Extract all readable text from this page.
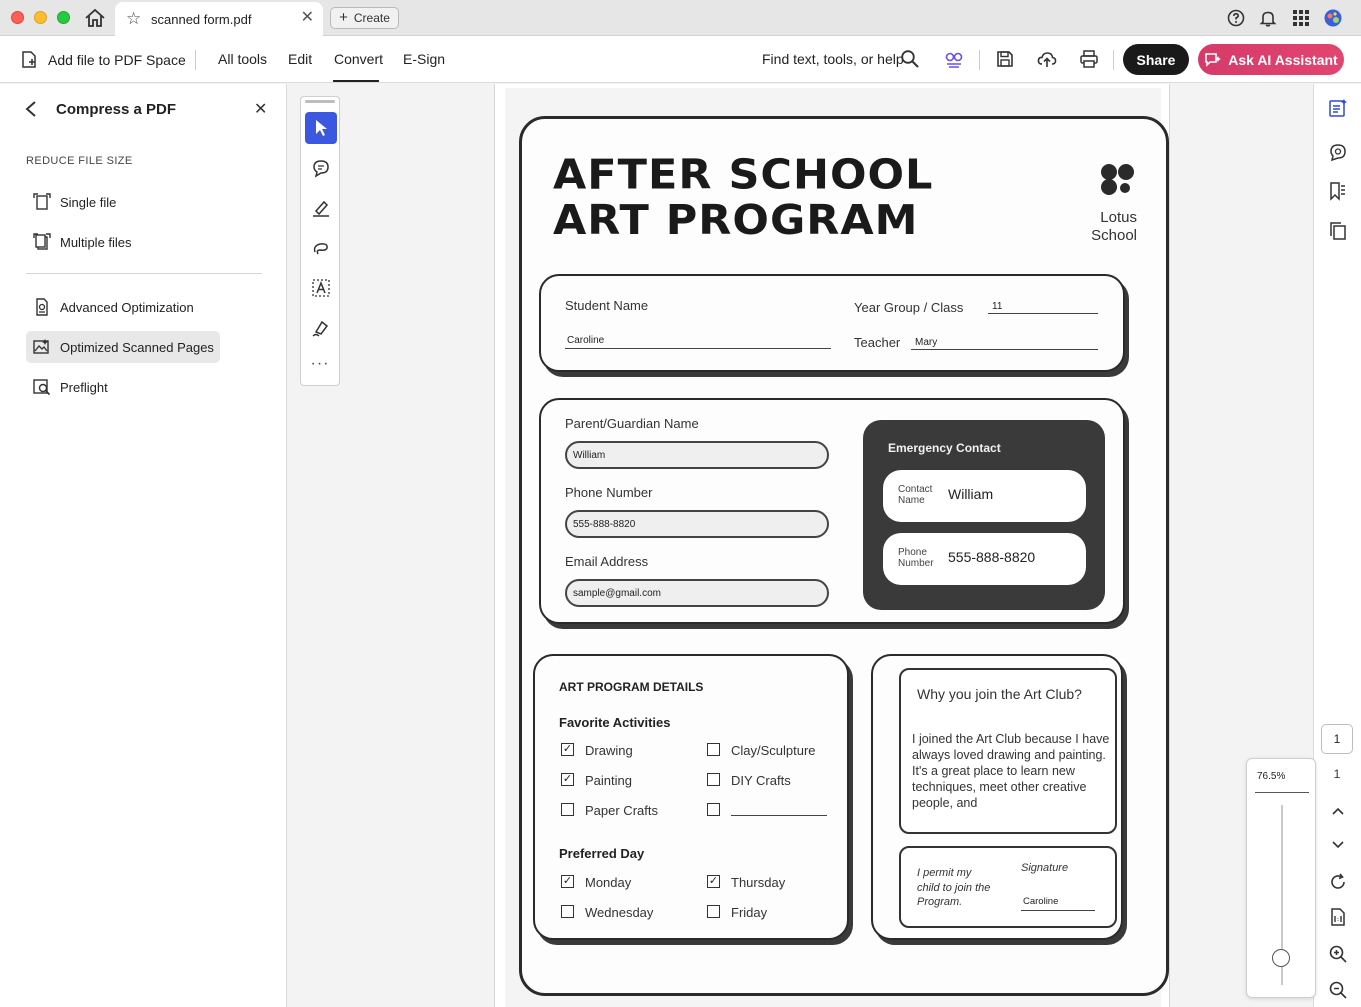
☆ scanned form.pdf	✕ + Create
Add file to PDF Space All tools Edit Convert E-Sign	Find text, tools, or help	Share	Ask AI Assistant
Compress a PDF	✕
REDUCE FILE SIZE
Single file
Multiple files
Advanced Optimization
Optimized Scanned Pages
Preflight
···
AFTER SCHOOL
ART PROGRAM	Lotus
School
Student Name
Caroline
Year Group / Class	11
Teacher Mary
Parent/Guardian Name
William
Phone Number
555-888-8820
Email Address
sample@gmail.com
Emergency Contact
Contact
Name	William
Phone
Number 555-888-8820
ART PROGRAM DETAILS
Favorite Activities
✓ Drawing	Clay/Sculpture
✓ Painting	DIY Crafts
Paper Crafts
Preferred Day
✓ Monday	✓ Thursday
Wednesday	Friday
Why you join the Art Club?
I joined the Art Club because I have always loved drawing and painting. It's a great place to learn new techniques, meet other creative people, and
I permit my child to join the Program.
Signature
Caroline
1
1
76.5%
